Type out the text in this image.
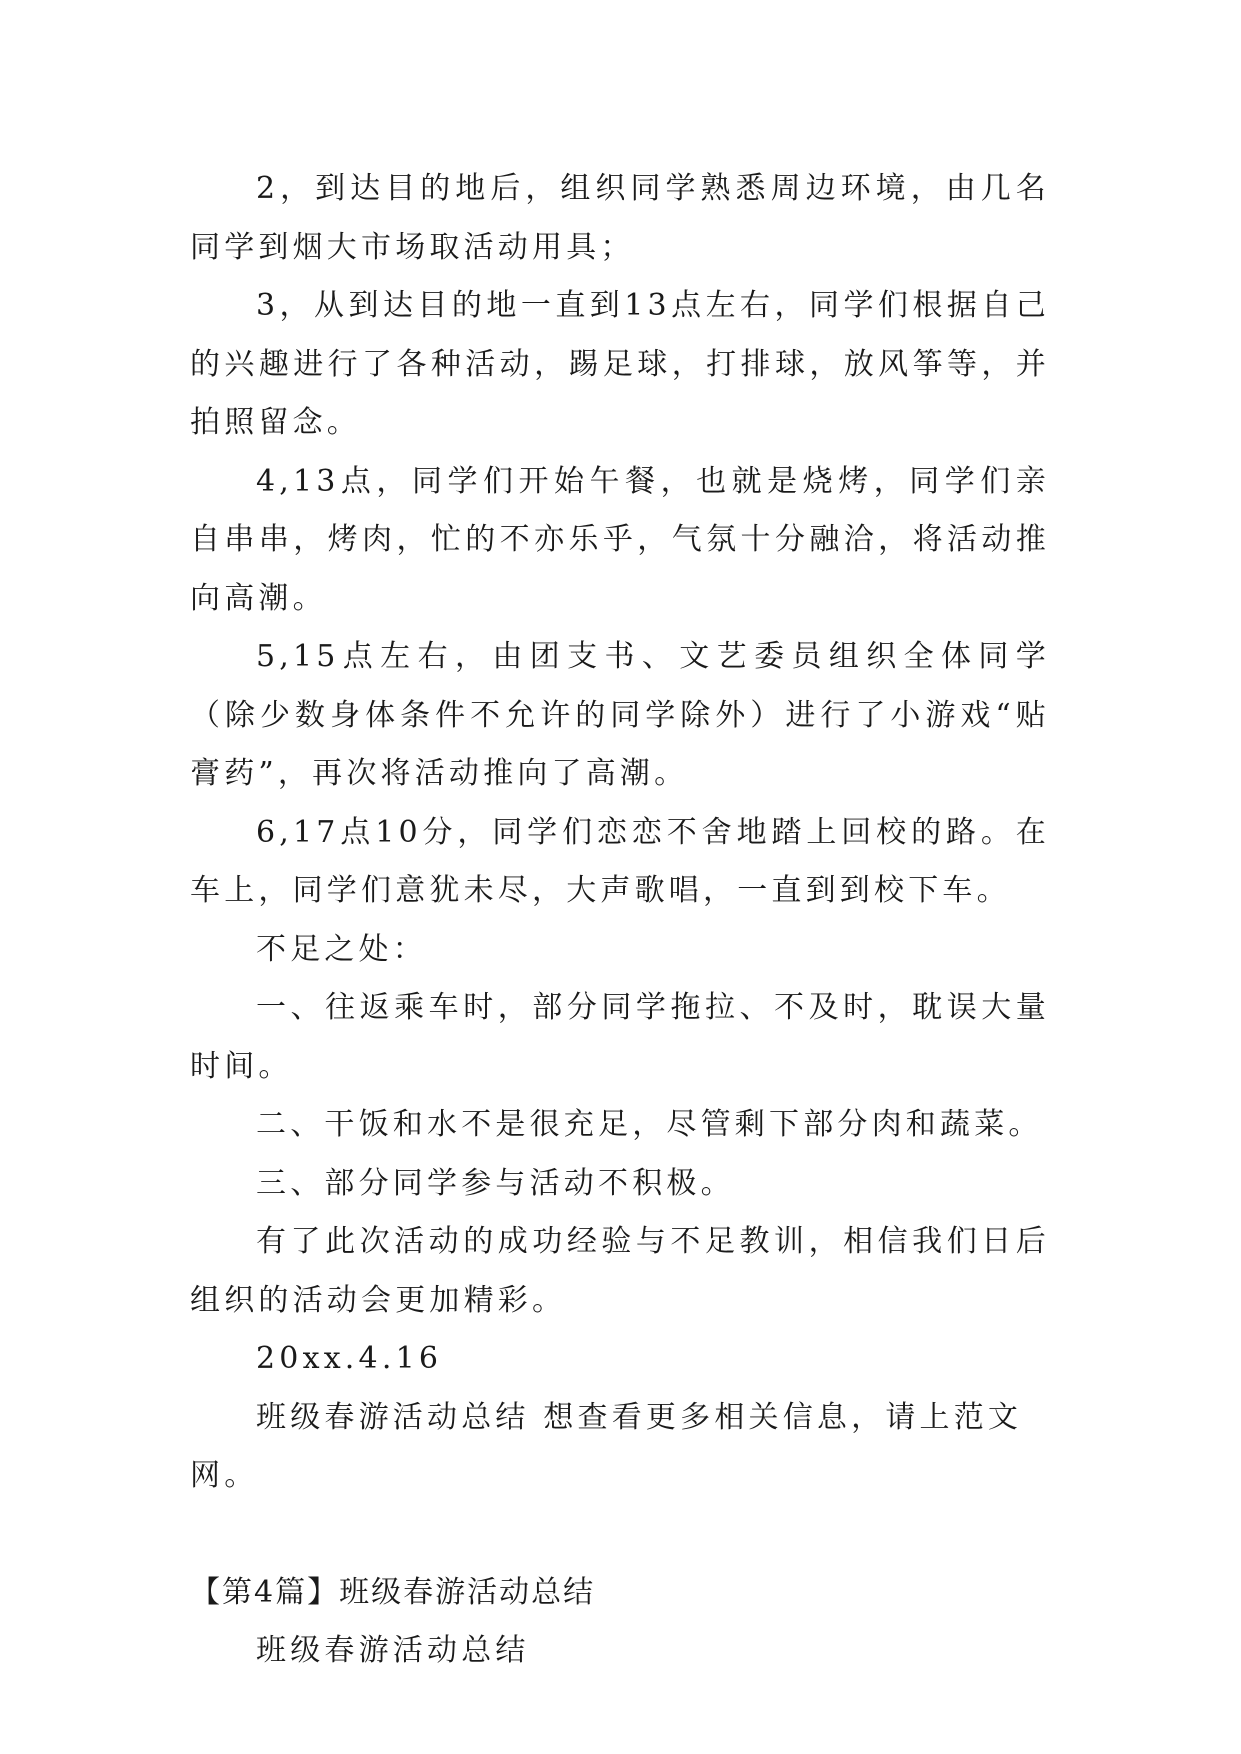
2，到达目的地后，组织同学熟悉周边环境，由几名同学到烟大市场取活动用具；

3，从到达目的地一直到13点左右，同学们根据自己的兴趣进行了各种活动，踢足球，打排球，放风筝等，并拍照留念。

4,13点，同学们开始午餐，也就是烧烤，同学们亲自串串，烤肉，忙的不亦乐乎，气氛十分融洽，将活动推向高潮。

5,15点左右，由团支书、文艺委员组织全体同学（除少数身体条件不允许的同学除外）进行了小游戏“贴膏药”，再次将活动推向了高潮。

6,17点10分，同学们恋恋不舍地踏上回校的路。在车上，同学们意犹未尽，大声歌唱，一直到到校下车。

不足之处：

一、往返乘车时，部分同学拖拉、不及时，耽误大量时间。

二、干饭和水不是很充足，尽管剩下部分肉和蔬菜。

三、部分同学参与活动不积极。

有了此次活动的成功经验与不足教训，相信我们日后组织的活动会更加精彩。

20xx.4.16

班级春游活动总结 想查看更多相关信息，请上范文网。

【第4篇】班级春游活动总结

班级春游活动总结
